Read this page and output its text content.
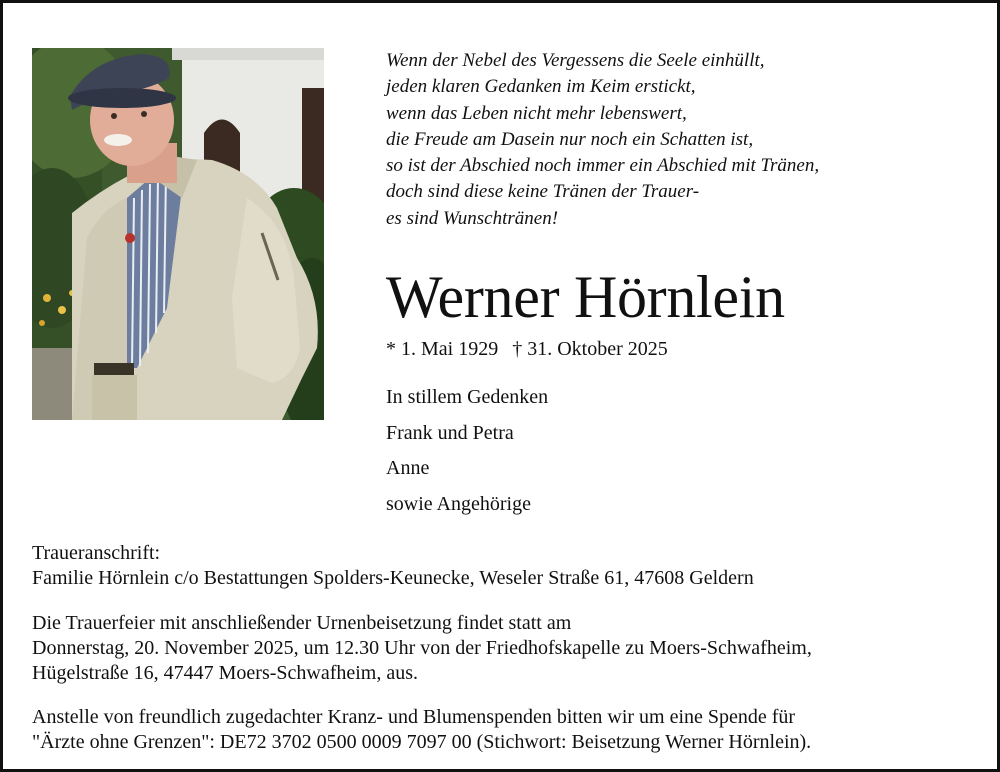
Wenn der Nebel des Vergessens die Seele einhüllt,
jeden klaren Gedanken im Keim erstickt,
wenn das Leben nicht mehr lebenswert,
die Freude am Dasein nur noch ein Schatten ist,
so ist der Abschied noch immer ein Abschied mit Tränen,
doch sind diese keine Tränen der Trauer-
es sind Wunschtränen!
Werner Hörnlein
* 1. Mai 1929 † 31. Oktober 2025
In stillem Gedenken
Frank und Petra
Anne
sowie Angehörige
Traueranschrift:
Familie Hörnlein c/o Bestattungen Spolders-Keunecke, Weseler Straße 61, 47608 Geldern
Die Trauerfeier mit anschließender Urnenbeisetzung findet statt am
Donnerstag, 20. November 2025, um 12.30 Uhr von der Friedhofskapelle zu Moers-Schwafheim,
Hügelstraße 16, 47447 Moers-Schwafheim, aus.
Anstelle von freundlich zugedachter Kranz- und Blumenspenden bitten wir um eine Spende für
"Ärzte ohne Grenzen": DE72 3702 0500 0009 7097 00 (Stichwort: Beisetzung Werner Hörnlein).
